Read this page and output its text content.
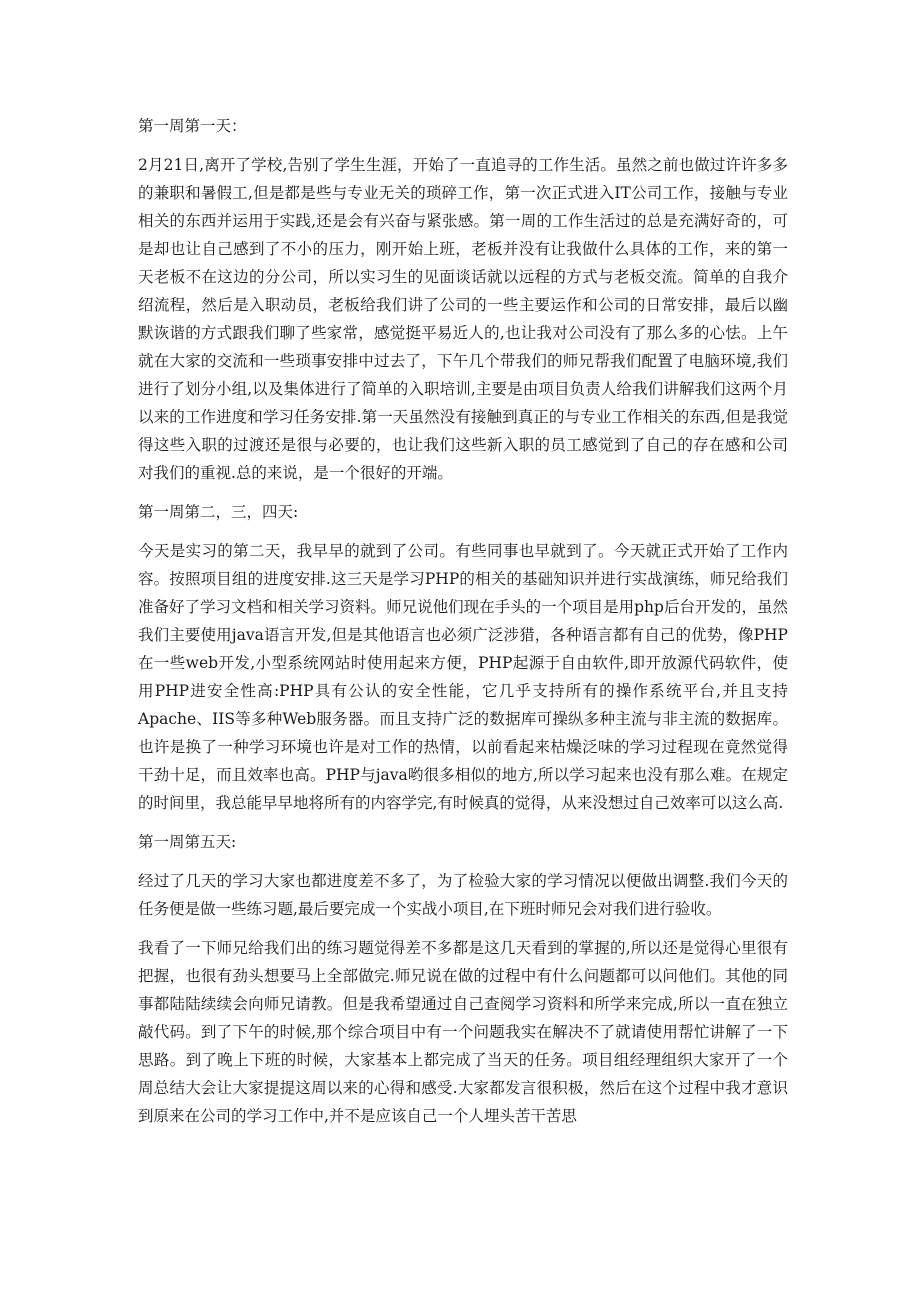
第一周第一天：

2月21日,离开了学校,告别了学生生涯，开始了一直追寻的工作生活。虽然之前也做过许许多多的兼职和暑假工,但是都是些与专业无关的琐碎工作，第一次正式进入IT公司工作，接触与专业相关的东西并运用于实践,还是会有兴奋与紧张感。第一周的工作生活过的总是充满好奇的，可是却也让自己感到了不小的压力，刚开始上班，老板并没有让我做什么具体的工作，来的第一天老板不在这边的分公司，所以实习生的见面谈话就以远程的方式与老板交流。简单的自我介绍流程，然后是入职动员，老板给我们讲了公司的一些主要运作和公司的日常安排，最后以幽默诙谐的方式跟我们聊了些家常，感觉挺平易近人的,也让我对公司没有了那么多的心怯。上午就在大家的交流和一些琐事安排中过去了，下午几个带我们的师兄帮我们配置了电脑环境,我们进行了划分小组,以及集体进行了简单的入职培训,主要是由项目负责人给我们讲解我们这两个月以来的工作进度和学习任务安排.第一天虽然没有接触到真正的与专业工作相关的东西,但是我觉得这些入职的过渡还是很与必要的，也让我们这些新入职的员工感觉到了自己的存在感和公司对我们的重视.总的来说，是一个很好的开端。

第一周第二，三，四天:

今天是实习的第二天，我早早的就到了公司。有些同事也早就到了。今天就正式开始了工作内容。按照项目组的进度安排.这三天是学习PHP的相关的基础知识并进行实战演练，师兄给我们准备好了学习文档和相关学习资料。师兄说他们现在手头的一个项目是用php后台开发的，虽然我们主要使用java语言开发,但是其他语言也必须广泛涉猎，各种语言都有自己的优势，像PHP在一些web开发,小型系统网站时使用起来方便，PHP起源于自由软件,即开放源代码软件，使用PHP进安全性高:PHP具有公认的安全性能，它几乎支持所有的操作系统平台,并且支持Apache、IIS等多种Web服务器。而且支持广泛的数据库可操纵多种主流与非主流的数据库。也许是换了一种学习环境也许是对工作的热情，以前看起来枯燥泛味的学习过程现在竟然觉得干劲十足，而且效率也高。PHP与java哟很多相似的地方,所以学习起来也没有那么难。在规定的时间里，我总能早早地将所有的内容学完,有时候真的觉得，从来没想过自己效率可以这么高.

第一周第五天:

经过了几天的学习大家也都进度差不多了，为了检验大家的学习情况以便做出调整.我们今天的任务便是做一些练习题,最后要完成一个实战小项目,在下班时师兄会对我们进行验收。

我看了一下师兄给我们出的练习题觉得差不多都是这几天看到的掌握的,所以还是觉得心里很有把握，也很有劲头想要马上全部做完.师兄说在做的过程中有什么问题都可以问他们。其他的同事都陆陆续续会向师兄请教。但是我希望通过自己查阅学习资料和所学来完成,所以一直在独立敲代码。到了下午的时候,那个综合项目中有一个问题我实在解决不了就请使用帮忙讲解了一下思路。到了晚上下班的时候，大家基本上都完成了当天的任务。项目组经理组织大家开了一个周总结大会让大家提提这周以来的心得和感受.大家都发言很积极，然后在这个过程中我才意识到原来在公司的学习工作中,并不是应该自己一个人埋头苦干苦思
